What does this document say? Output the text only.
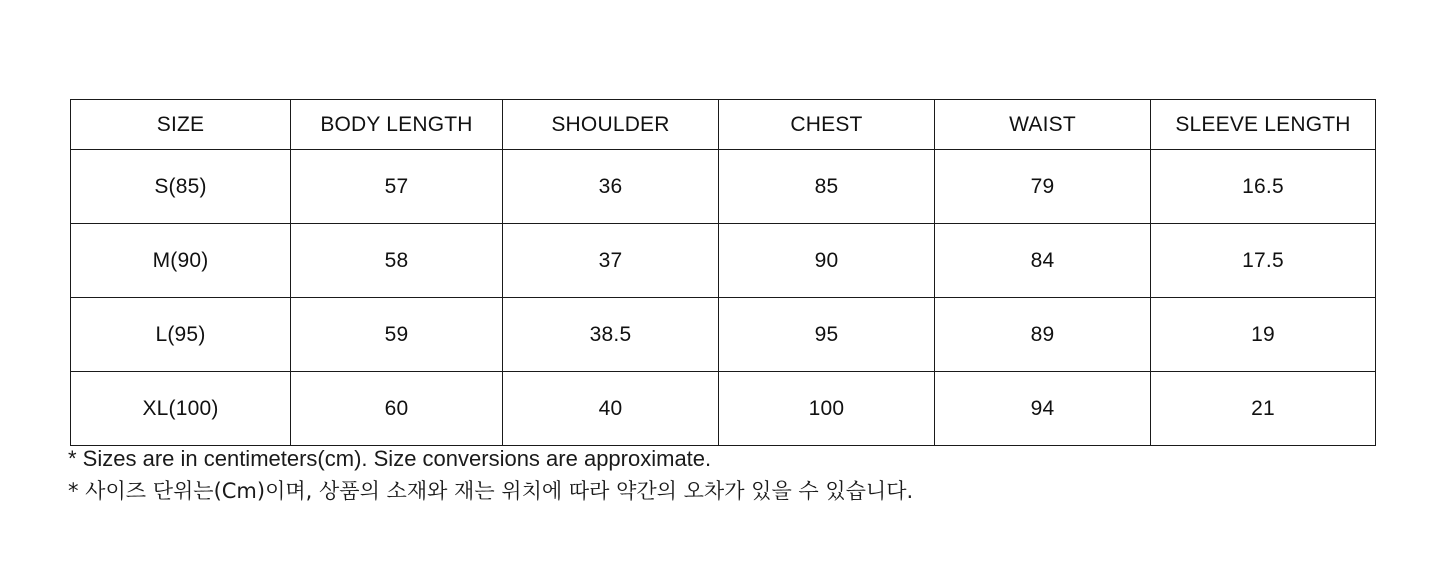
SIZE	BODY LENGTH	SHOULDER	CHEST	WAIST	SLEEVE LENGTH
S(85)	57	36	85	79	16.5
M(90)	58	37	90	84	17.5
L(95)	59	38.5	95	89	19
XL(100)	60	40	100	94	21
* Sizes are in centimeters(cm). Size conversions are approximate.
* 사이즈 단위는(Cm)이며, 상품의 소재와 재는 위치에 따라 약간의 오차가 있을 수 있습니다.
